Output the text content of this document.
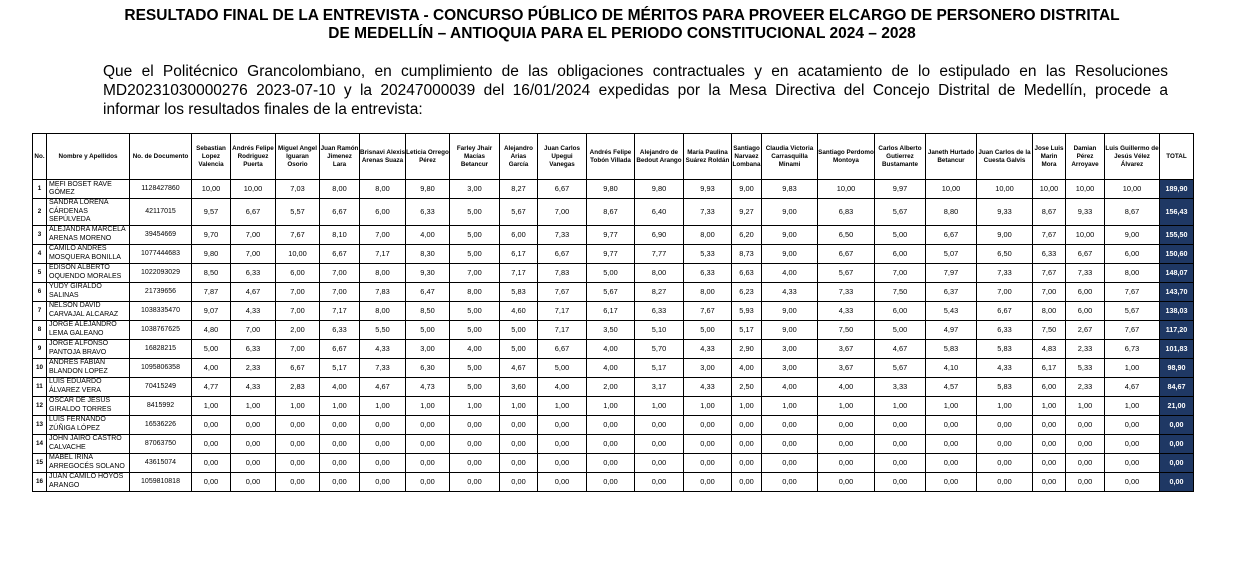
RESULTADO FINAL DE LA ENTREVISTA - CONCURSO PÚBLICO DE MÉRITOS PARA PROVEER ELCARGO DE PERSONERO DISTRITAL
DE MEDELLÍN – ANTIOQUIA PARA EL PERIODO CONSTITUCIONAL 2024 – 2028
Que el Politécnico Grancolombiano, en cumplimiento de las obligaciones contractuales y en acatamiento de lo estipulado en las Resoluciones
MD20231030000276 2023-07-10 y la 20247000039 del 16/01/2024 expedidas por la Mesa Directiva del Concejo Distrital de Medellín, procede a
informar los resultados finales de la entrevista:
No.	Nombre y Apellidos	No. de Documento	Sebastian Lopez Valencia	Andrés Felipe Rodriguez Puerta	Miguel Angel Iguaran Osorio	Juan Ramón Jimenez Lara	Brisnavi Alexis Arenas Suaza	Leticia Orrego Pérez	Farley Jhair Macías Betancur	Alejandro Arias García	Juan Carlos Upegui Vanegas	Andrés Felipe Tobón Villada	Alejandro de Bedout Arango	María Paulina Suárez Roldán	Santiago Narvaez Lombana	Claudia Victoria Carrasquilla Minami	Santiago Perdomo Montoya	Carlos Alberto Gutierrez Bustamante	Janeth Hurtado Betancur	Juan Carlos de la Cuesta Galvis	Jose Luis Marin Mora	Damian Pérez Arroyave	Luis Guillermo de Jesús Vélez Álvarez	TOTAL
1	MEFI BOSET RAVE GÓMEZ	1128427860	10,00	10,00	7,03	8,00	8,00	9,80	3,00	8,27	6,67	9,80	9,80	9,93	9,00	9,83	10,00	9,97	10,00	10,00	10,00	10,00	10,00	189,90
2	SANDRA LORENA CÁRDENAS SEPÚLVEDA	42117015	9,57	6,67	5,57	6,67	6,00	6,33	5,00	5,67	7,00	8,67	6,40	7,33	9,27	9,00	6,83	5,67	8,80	9,33	8,67	9,33	8,67	156,43
3	ALEJANDRA MARCELA ARENAS MORENO	39454669	9,70	7,00	7,67	8,10	7,00	4,00	5,00	6,00	7,33	9,77	6,90	8,00	6,20	9,00	6,50	5,00	6,67	9,00	7,67	10,00	9,00	155,50
4	CAMILO ANDRÉS MOSQUERA BONILLA	1077444683	9,80	7,00	10,00	6,67	7,17	8,30	5,00	6,17	6,67	9,77	7,77	5,33	8,73	9,00	6,67	6,00	5,07	6,50	6,33	6,67	6,00	150,60
5	EDISON ALBERTO OQUENDO MORALES	1022093029	8,50	6,33	6,00	7,00	8,00	9,30	7,00	7,17	7,83	5,00	8,00	6,33	6,63	4,00	5,67	7,00	7,97	7,33	7,67	7,33	8,00	148,07
6	YUDY GIRALDO SALINAS	21739656	7,87	4,67	7,00	7,00	7,83	6,47	8,00	5,83	7,67	5,67	8,27	8,00	6,23	4,33	7,33	7,50	6,37	7,00	7,00	6,00	7,67	143,70
7	NELSON DAVID CARVAJAL ALCARAZ	1038335470	9,07	4,33	7,00	7,17	8,00	8,50	5,00	4,60	7,17	6,17	6,33	7,67	5,93	9,00	4,33	6,00	5,43	6,67	8,00	6,00	5,67	138,03
8	JORGE ALEJANDRO LEMA GALEANO	1038767625	4,80	7,00	2,00	6,33	5,50	5,00	5,00	5,00	7,17	3,50	5,10	5,00	5,17	9,00	7,50	5,00	4,97	6,33	7,50	2,67	7,67	117,20
9	JORGE ALFONSO PANTOJA BRAVO	16828215	5,00	6,33	7,00	6,67	4,33	3,00	4,00	5,00	6,67	4,00	5,70	4,33	2,90	3,00	3,67	4,67	5,83	5,83	4,83	2,33	6,73	101,83
10	ANDRES FABIAN BLANDON LOPEZ	1095806358	4,00	2,33	6,67	5,17	7,33	6,30	5,00	4,67	5,00	4,00	5,17	3,00	4,00	3,00	3,67	5,67	4,10	4,33	6,17	5,33	1,00	98,90
11	LUIS EDUARDO ÁLVAREZ VERA	70415249	4,77	4,33	2,83	4,00	4,67	4,73	5,00	3,60	4,00	2,00	3,17	4,33	2,50	4,00	4,00	3,33	4,57	5,83	6,00	2,33	4,67	84,67
12	OSCAR DE JESUS GIRALDO TORRES	8415992	1,00	1,00	1,00	1,00	1,00	1,00	1,00	1,00	1,00	1,00	1,00	1,00	1,00	1,00	1,00	1,00	1,00	1,00	1,00	1,00	1,00	21,00
13	LUIS FERNANDO ZÚÑIGA LÓPEZ	16536226	0,00	0,00	0,00	0,00	0,00	0,00	0,00	0,00	0,00	0,00	0,00	0,00	0,00	0,00	0,00	0,00	0,00	0,00	0,00	0,00	0,00	0,00
14	JOHN JAIRO CASTRO CALVACHE	87063750	0,00	0,00	0,00	0,00	0,00	0,00	0,00	0,00	0,00	0,00	0,00	0,00	0,00	0,00	0,00	0,00	0,00	0,00	0,00	0,00	0,00	0,00
15	MABEL IRINA ARREGOCÉS SOLANO	43615074	0,00	0,00	0,00	0,00	0,00	0,00	0,00	0,00	0,00	0,00	0,00	0,00	0,00	0,00	0,00	0,00	0,00	0,00	0,00	0,00	0,00	0,00
16	JUAN CAMILO HOYOS ARANGO	1059810818	0,00	0,00	0,00	0,00	0,00	0,00	0,00	0,00	0,00	0,00	0,00	0,00	0,00	0,00	0,00	0,00	0,00	0,00	0,00	0,00	0,00	0,00
